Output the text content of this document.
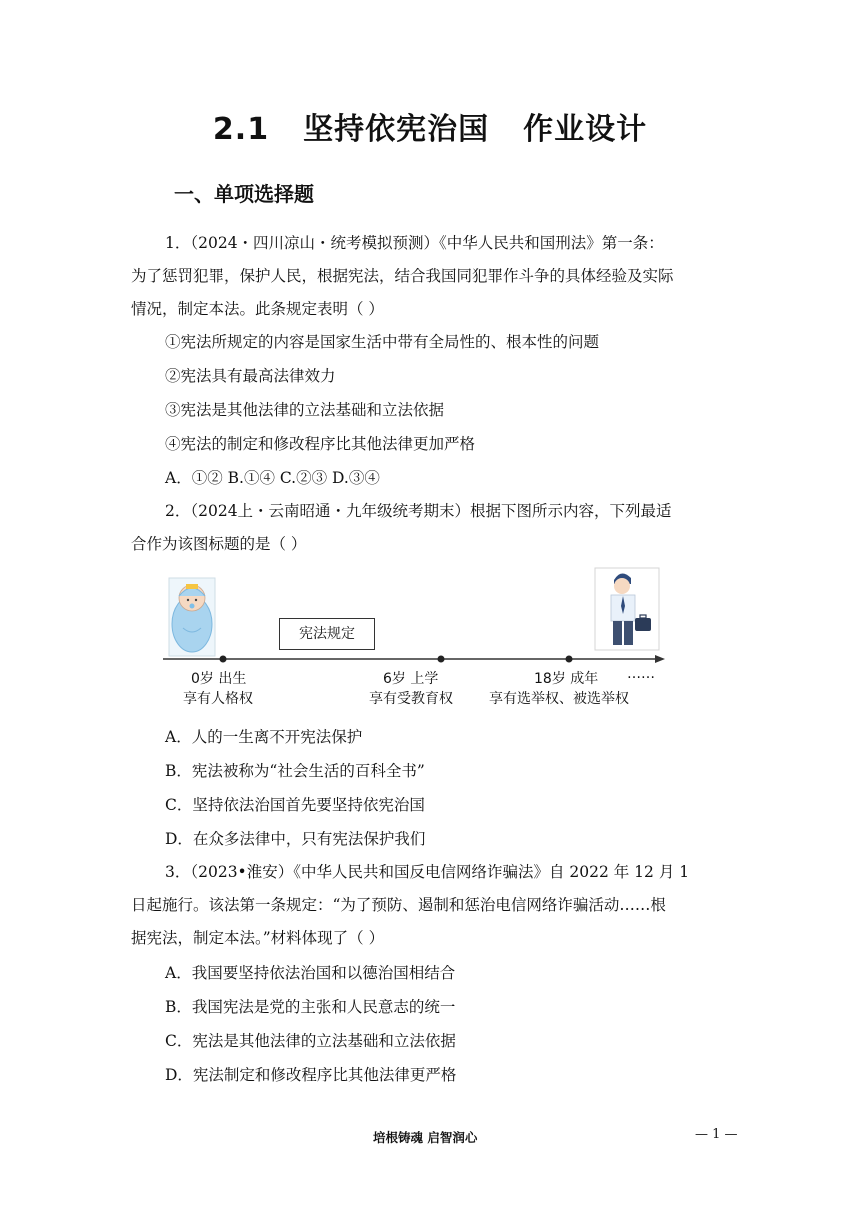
2.1 坚持依宪治国 作业设计
一、单项选择题
1．（2024・四川凉山・统考模拟预测）《中华人民共和国刑法》第一条：
为了惩罚犯罪，保护人民，根据宪法，结合我国同犯罪作斗争的具体经验及实际
情况，制定本法。此条规定表明（ ）
①宪法所规定的内容是国家生活中带有全局性的、根本性的问题
②宪法具有最高法律效力
③宪法是其他法律的立法基础和立法依据
④宪法的制定和修改程序比其他法律更加严格
A．①② B.①④ C.②③ D.③④
2．（2024上・云南昭通・九年级统考期末）根据下图所示内容，下列最适
合作为该图标题的是（ ）
宪法规定
0岁 出生
享有人格权
6岁 上学
享有受教育权
18岁 成年
享有选举权、被选举权
……
A．人的一生离不开宪法保护
B．宪法被称为“社会生活的百科全书”
C．坚持依法治国首先要坚持依宪治国
D．在众多法律中，只有宪法保护我们
3．（2023•淮安）《中华人民共和国反电信网络诈骗法》自 2022 年 12 月 1
日起施行。该法第一条规定：“为了预防、遏制和惩治电信网络诈骗活动……根
据宪法，制定本法。”材料体现了（ ）
A．我国要坚持依法治国和以德治国相结合
B．我国宪法是党的主张和人民意志的统一
C．宪法是其他法律的立法基础和立法依据
D．宪法制定和修改程序比其他法律更严格
培根铸魂 启智润心	— 1 —
